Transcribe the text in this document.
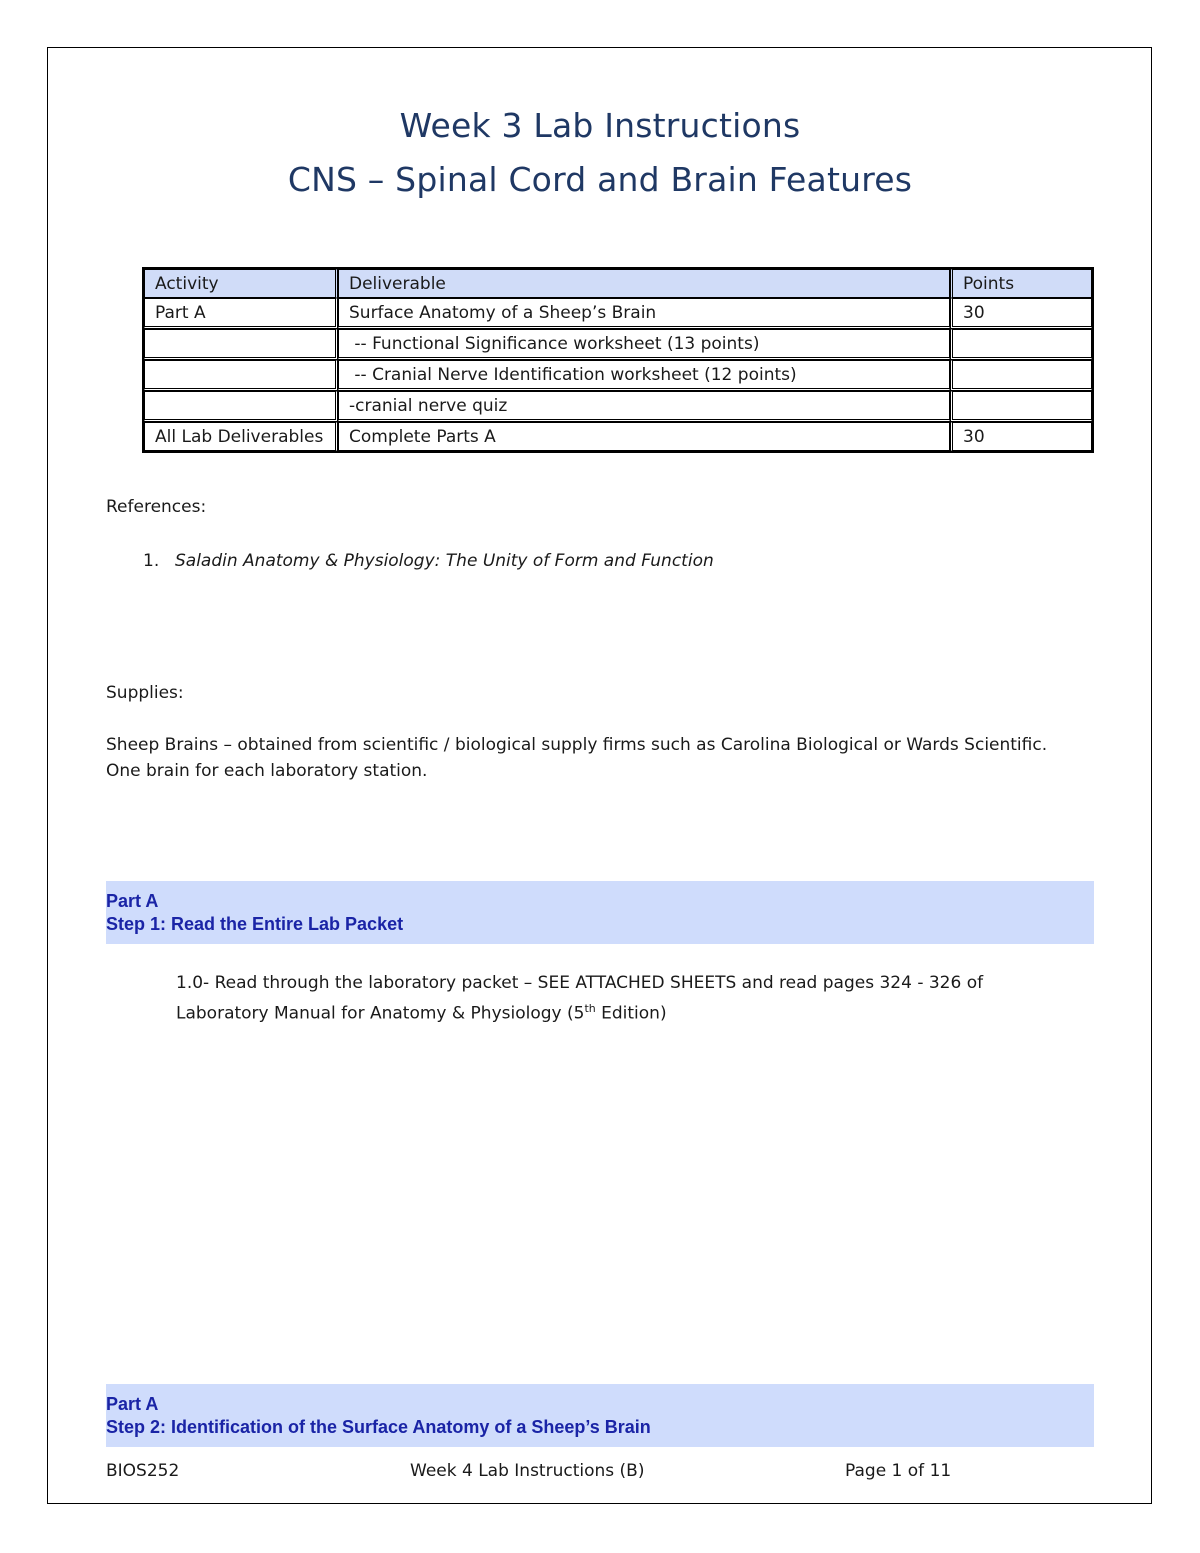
Week 3 Lab Instructions
CNS – Spinal Cord and Brain Features
Activity	Deliverable	Points
Part A	Surface Anatomy of a Sheep’s Brain	30
	-- Functional Significance worksheet (13 points)	
	-- Cranial Nerve Identification worksheet (12 points)	
	-cranial nerve quiz	
All Lab Deliverables	Complete Parts A	30
References:
1. Saladin Anatomy & Physiology: The Unity of Form and Function
Supplies:
Sheep Brains – obtained from scientific / biological supply firms such as Carolina Biological or Wards Scientific.
One brain for each laboratory station.
Part A
Step 1: Read the Entire Lab Packet
1.0- Read through the laboratory packet – SEE ATTACHED SHEETS and read pages 324 - 326 of
Laboratory Manual for Anatomy & Physiology (5th Edition)
Part A
Step 2: Identification of the Surface Anatomy of a Sheep’s Brain
BIOS252	Week 4 Lab Instructions (B)	Page 1 of 11
